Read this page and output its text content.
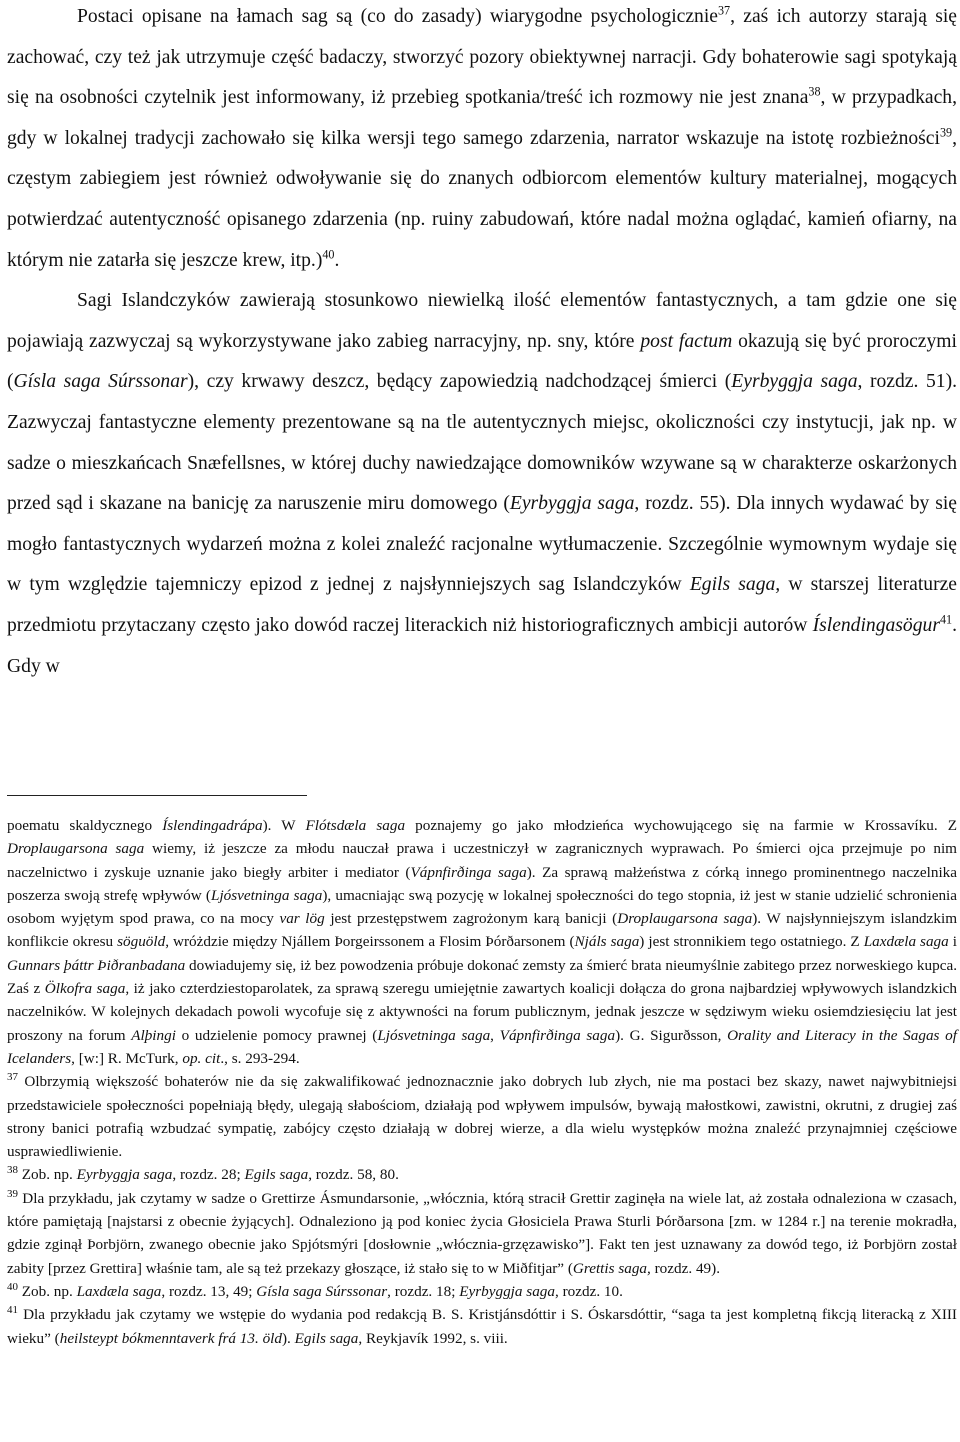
Postaci opisane na łamach sag są (co do zasady) wiarygodne psychologicznie$^{37}$, zaś ich autorzy starają się zachować, czy też jak utrzymuje część badaczy, stworzyć pozory obiektywnej narracji. Gdy bohaterowie sagi spotykają się na osobności czytelnik jest informowany, iż przebieg spotkania/treść ich rozmowy nie jest znana$^{38}$, w przypadkach, gdy w lokalnej tradycji zachowało się kilka wersji tego samego zdarzenia, narrator wskazuje na istotę rozbieżności$^{39}$, częstym zabiegiem jest również odwoływanie się do znanych odbiorcom elementów kultury materialnej, mogących potwierdzać autentyczność opisanego zdarzenia (np. ruiny zabudowań, które nadal można oglądać, kamień ofiarny, na którym nie zatarła się jeszcze krew, itp.)$^{40}$.

Sagi Islandczyków zawierają stosunkowo niewielką ilość elementów fantastycznych, a tam gdzie one się pojawiają zazwyczaj są wykorzystywane jako zabieg narracyjny, np. sny, które post factum okazują się być proroczymi (Gísla saga Súrssonar), czy krwawy deszcz, będący zapowiedzią nadchodzącej śmierci (Eyrbyggja saga, rozdz. 51). Zazwyczaj fantastyczne elementy prezentowane są na tle autentycznych miejsc, okoliczności czy instytucji, jak np. w sadze o mieszkańcach Snæfellsnes, w której duchy nawiedzające domowników wzywane są w charakterze oskarżonych przed sąd i skazane na banicję za naruszenie miru domowego (Eyrbyggja saga, rozdz. 55). Dla innych wydawać by się mogło fantastycznych wydarzeń można z kolei znaleźć racjonalne wytłumaczenie. Szczególnie wymownym wydaje się w tym względzie tajemniczy epizod z jednej z najsłynniejszych sag Islandczyków Egils saga, w starszej literaturze przedmiotu przytaczany często jako dowód raczej literackich niż historiograficznych ambicji autorów Íslendingasögur$^{41}$. Gdy w

poematu skaldycznego Íslendingadrápa). W Flótsdæla saga poznajemy go jako młodzieńca wychowującego się na farmie w Krossavíku. Z Droplaugarsona saga wiemy, iż jeszcze za młodu nauczał prawa i uczestniczył w zagranicznych wyprawach. Po śmierci ojca przejmuje po nim naczelnictwo i zyskuje uznanie jako biegły arbiter i mediator (Vápnfirðinga saga). Za sprawą małżeństwa z córką innego prominentnego naczelnika poszerza swoją strefę wpływów (Ljósvetninga saga), umacniając swą pozycję w lokalnej społeczności do tego stopnia, iż jest w stanie udzielić schronienia osobom wyjętym spod prawa, co na mocy var lög jest przestępstwem zagrożonym karą banicji (Droplaugarsona saga). W najsłynniejszym islandzkim konflikcie okresu söguöld, wróżdzie między Njállem Þorgeirssonem a Flosim Þórðarsonem (Njáls saga) jest stronnikiem tego ostatniego. Z Laxdæla saga i Gunnars þáttr Þiðranbadana dowiadujemy się, iż bez powodzenia próbuje dokonać zemsty za śmierć brata nieumyślnie zabitego przez norweskiego kupca. Zaś z Ölkofra saga, iż jako czterdziestoparolatek, za sprawą szeregu umiejętnie zawartych koalicji dołącza do grona najbardziej wpływowych islandzkich naczelników. W kolejnych dekadach powoli wycofuje się z aktywności na forum publicznym, jednak jeszcze w sędziwym wieku osiemdziesięciu lat jest proszony na forum Alþingi o udzielenie pomocy prawnej (Ljósvetninga saga, Vápnfirðinga saga). G. Sigurðsson, Orality and Literacy in the Sagas of Icelanders, [w:] R. McTurk, op. cit., s. 293-294.

$^{37}$ Olbrzymią większość bohaterów nie da się zakwalifikować jednoznacznie jako dobrych lub złych, nie ma postaci bez skazy, nawet najwybitniejsi przedstawiciele społeczności popełniają błędy, ulegają słabościom, działają pod wpływem impulsów, bywają małostkowi, zawistni, okrutni, z drugiej zaś strony banici potrafią wzbudzać sympatię, zabójcy często działają w dobrej wierze, a dla wielu występków można znaleźć przynajmniej częściowe usprawiedliwienie.

$^{38}$ Zob. np. Eyrbyggja saga, rozdz. 28; Egils saga, rozdz. 58, 80.

$^{39}$ Dla przykładu, jak czytamy w sadze o Grettirze Ásmundarsonie, „włócznia, którą stracił Grettir zaginęła na wiele lat, aż została odnaleziona w czasach, które pamiętają [najstarsi z obecnie żyjących]. Odnaleziono ją pod koniec życia Głosiciela Prawa Sturli Þórðarsona [zm. w 1284 r.] na terenie mokradła, gdzie zginął Þorbjörn, zwanego obecnie jako Spjótsmýri [dosłownie „włócznia-grzęzawisko”]. Fakt ten jest uznawany za dowód tego, iż Þorbjörn został zabity [przez Grettira] właśnie tam, ale są też przekazy głoszące, iż stało się to w Miðfitjar” (Grettis saga, rozdz. 49).

$^{40}$ Zob. np. Laxdæla saga, rozdz. 13, 49; Gísla saga Súrssonar, rozdz. 18; Eyrbyggja saga, rozdz. 10.

$^{41}$ Dla przykładu jak czytamy we wstępie do wydania pod redakcją B. S. Kristjánsdóttir i S. Óskarsdóttir, “saga ta jest kompletną fikcją literacką z XIII wieku” (heilsteypt bókmenntaverk frá 13. öld). Egils saga, Reykjavík 1992, s. viii.
